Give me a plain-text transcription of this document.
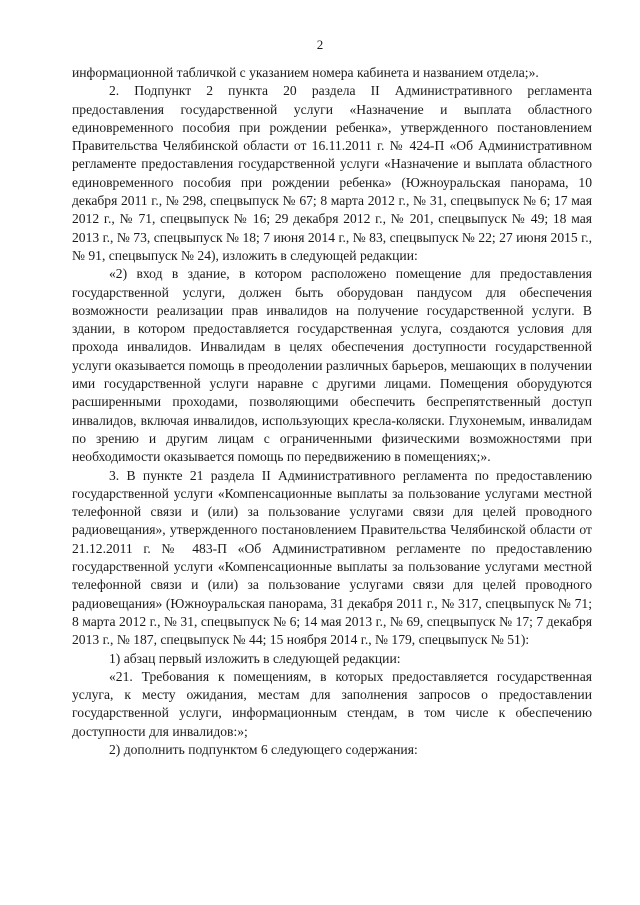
2

информационной табличкой с указанием номера кабинета и названием отдела;».

2. Подпункт 2 пункта 20 раздела II Административного регламента предоставления государственной услуги «Назначение и выплата областного единовременного пособия при рождении ребенка», утвержденного постановлением Правительства Челябинской области от 16.11.2011 г. № 424-П «Об Административном регламенте предоставления государственной услуги «Назначение и выплата областного единовременного пособия при рождении ребенка» (Южноуральская панорама, 10 декабря 2011 г., № 298, спецвыпуск № 67; 8 марта 2012 г., № 31, спецвыпуск № 6; 17 мая 2012 г., № 71, спецвыпуск № 16; 29 декабря 2012 г., № 201, спецвыпуск № 49; 18 мая 2013 г., № 73, спецвыпуск № 18; 7 июня 2014 г., № 83, спецвыпуск № 22; 27 июня 2015 г., № 91, спецвыпуск № 24), изложить в следующей редакции:

«2) вход в здание, в котором расположено помещение для предоставления государственной услуги, должен быть оборудован пандусом для обеспечения возможности реализации прав инвалидов на получение государственной услуги. В здании, в котором предоставляется государственная услуга, создаются условия для прохода инвалидов. Инвалидам в целях обеспечения доступности государственной услуги оказывается помощь в преодолении различных барьеров, мешающих в получении ими государственной услуги наравне с другими лицами. Помещения оборудуются расширенными проходами, позволяющими обеспечить беспрепятственный доступ инвалидов, включая инвалидов, использующих кресла-коляски. Глухонемым, инвалидам по зрению и другим лицам с ограниченными физическими возможностями при необходимости оказывается помощь по передвижению в помещениях;».

3. В пункте 21 раздела II Административного регламента по предоставлению государственной услуги «Компенсационные выплаты за пользование услугами местной телефонной связи и (или) за пользование услугами связи для целей проводного радиовещания», утвержденного постановлением Правительства Челябинской области от 21.12.2011 г. № 483-П «Об Административном регламенте по предоставлению государственной услуги «Компенсационные выплаты за пользование услугами местной телефонной связи и (или) за пользование услугами связи для целей проводного радиовещания» (Южноуральская панорама, 31 декабря 2011 г., № 317, спецвыпуск № 71; 8 марта 2012 г., № 31, спецвыпуск № 6; 14 мая 2013 г., № 69, спецвыпуск № 17; 7 декабря 2013 г., № 187, спецвыпуск № 44; 15 ноября 2014 г., № 179, спецвыпуск № 51):

1) абзац первый изложить в следующей редакции:

«21. Требования к помещениям, в которых предоставляется государственная услуга, к месту ожидания, местам для заполнения запросов о предоставлении государственной услуги, информационным стендам, в том числе к обеспечению доступности для инвалидов:»;

2) дополнить подпунктом 6 следующего содержания:
